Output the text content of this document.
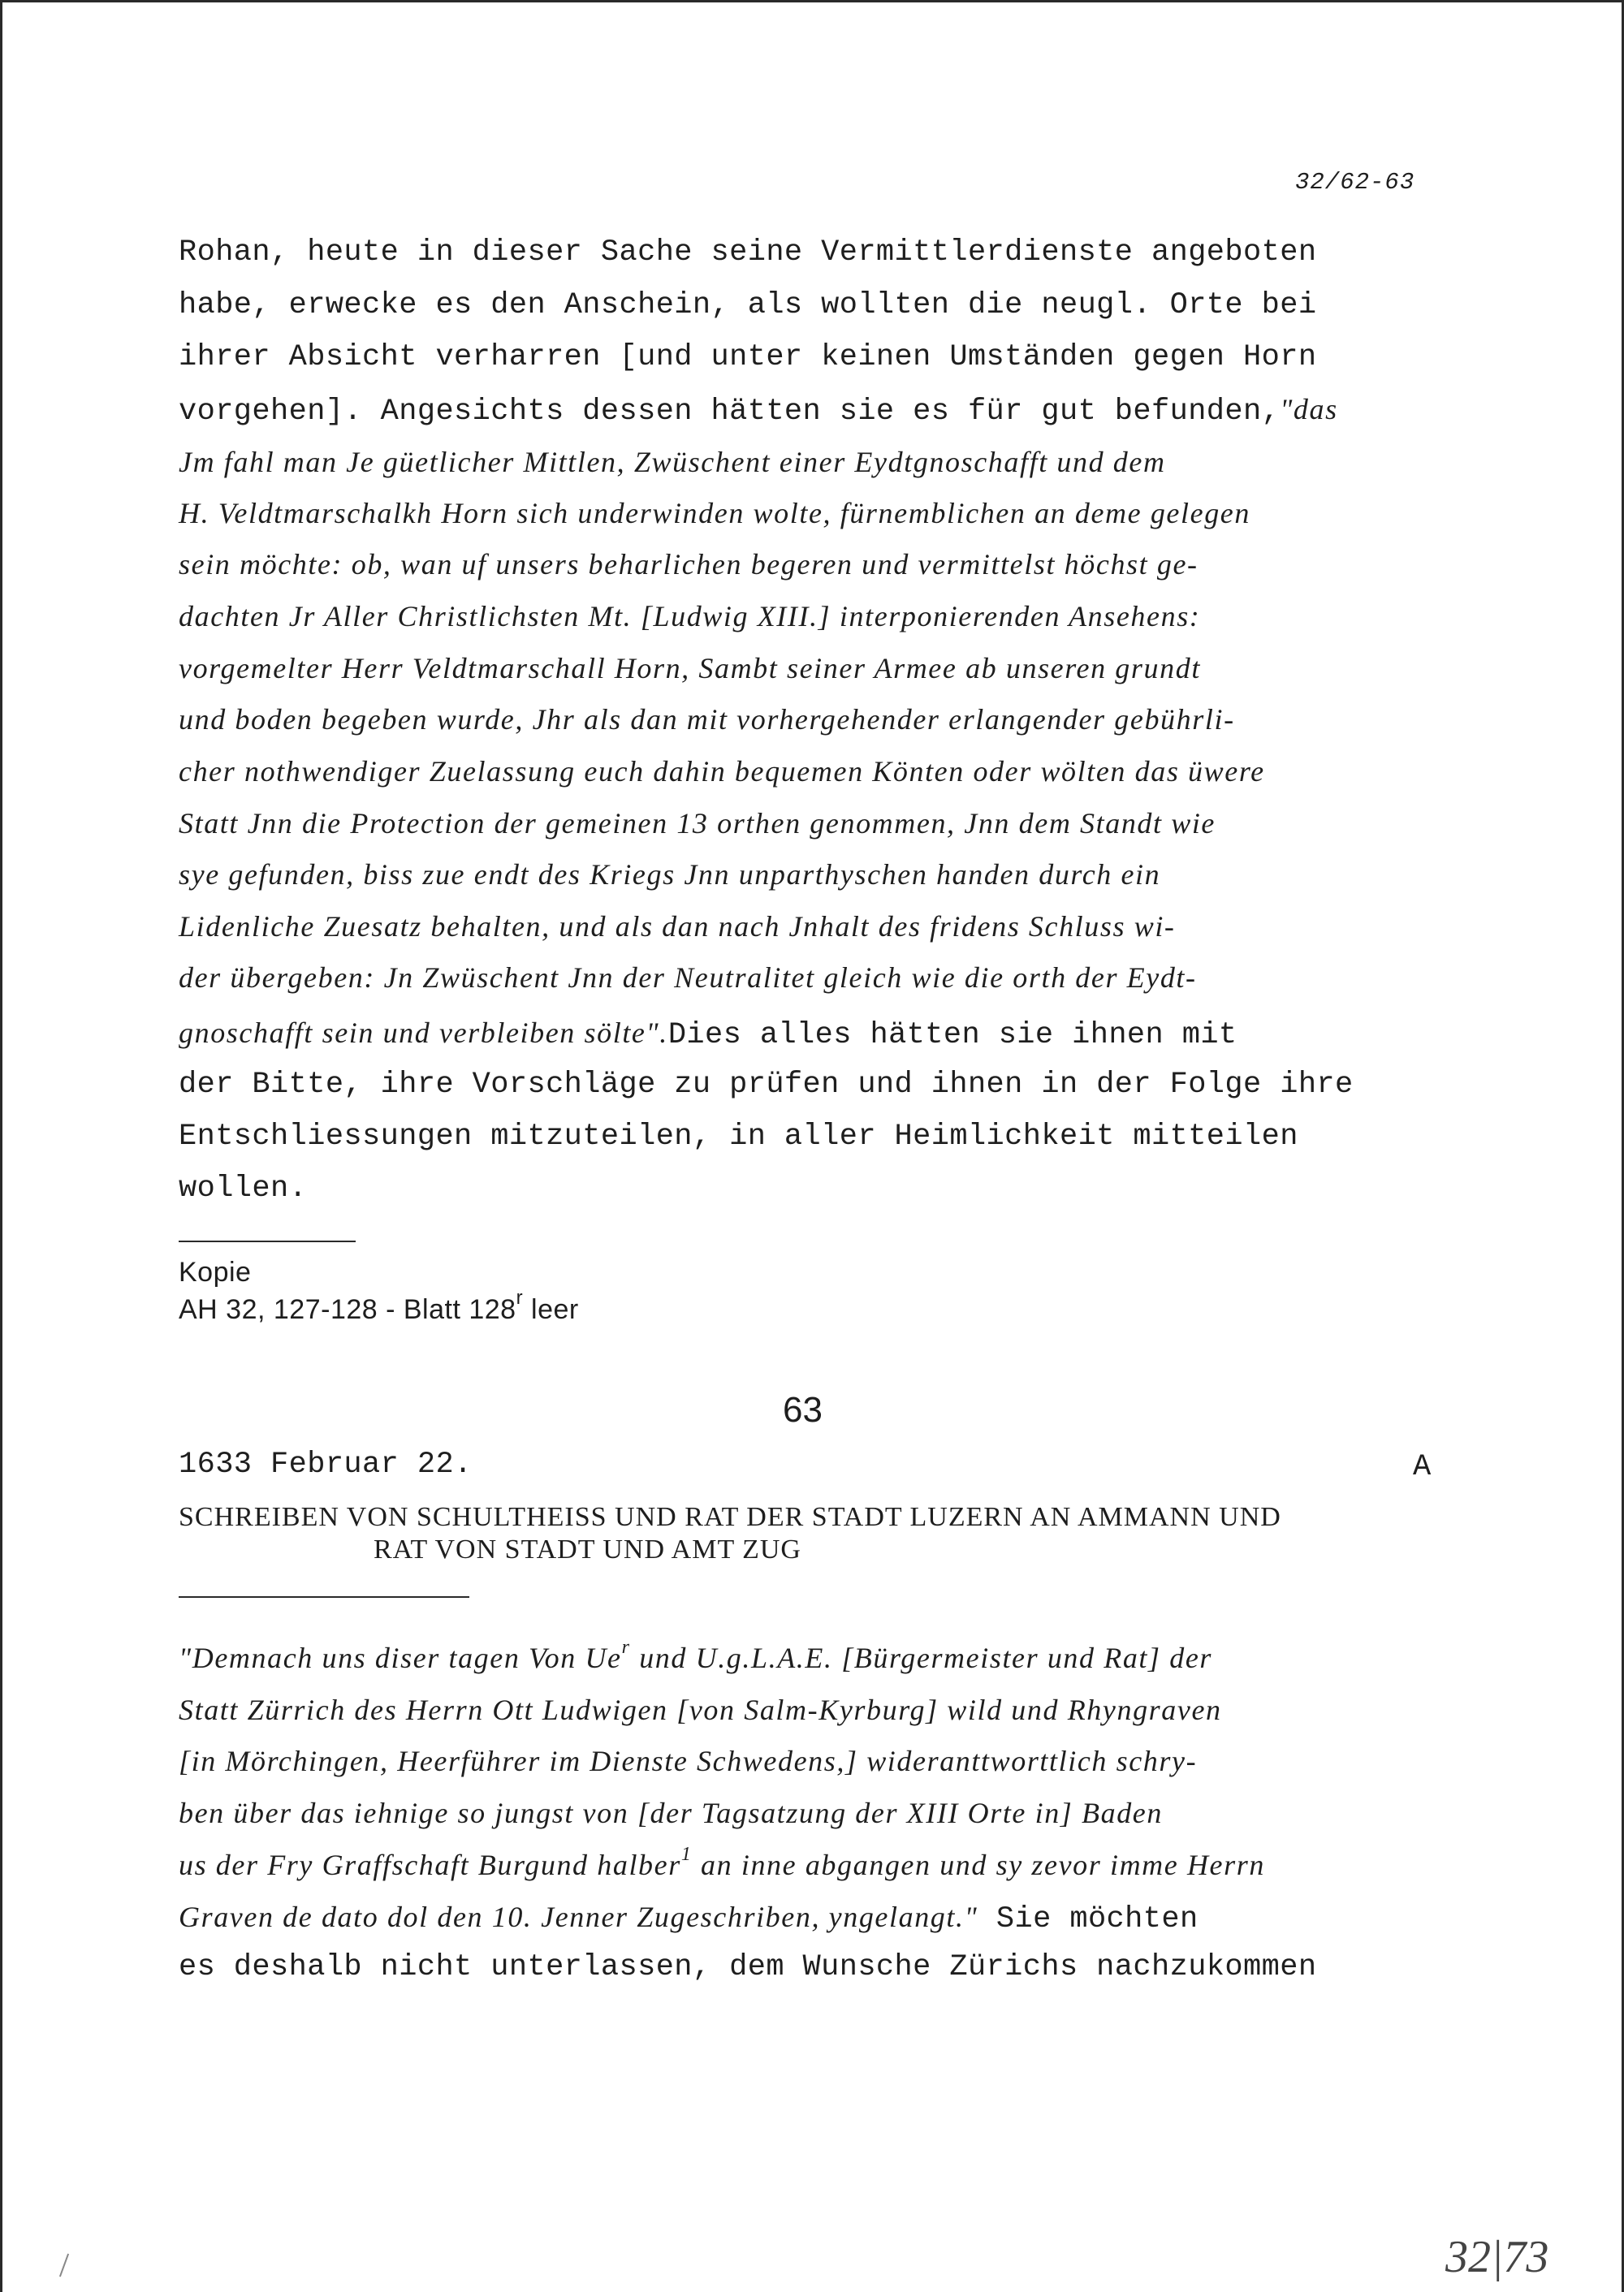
32/62-63
Rohan, heute in dieser Sache seine Vermittlerdienste angeboten
habe, erwecke es den Anschein, als wollten die neugl. Orte bei
ihrer Absicht verharren [und unter keinen Umständen gegen Horn
vorgehen]. Angesichts dessen hätten sie es für gut befunden,"das
Jm fahl man Je güetlicher Mittlen, Zwüschent einer Eydtgnoschafft und dem
H. Veldtmarschalkh Horn sich underwinden wolte, fürnemblichen an deme gelegen
sein möchte: ob, wan uf unsers beharlichen begeren und vermittelst höchst ge-
dachten Jr Aller Christlichsten Mt. [Ludwig XIII.] interponierenden Ansehens:
vorgemelter Herr Veldtmarschall Horn, Sambt seiner Armee ab unseren grundt
und boden begeben wurde, Jhr als dan mit vorhergehender erlangender gebührli-
cher nothwendiger Zuelassung euch dahin bequemen Könten oder wölten das üwere
Statt Jnn die Protection der gemeinen 13 orthen genommen, Jnn dem Standt wie
sye gefunden, biss zue endt des Kriegs Jnn unparthyschen handen durch ein
Lidenliche Zuesatz behalten, und als dan nach Jnhalt des fridens Schluss wi-
der übergeben: Jn Zwüschent Jnn der Neutralitet gleich wie die orth der Eydt-
gnoschafft sein und verbleiben sölte".Dies alles hätten sie ihnen mit
der Bitte, ihre Vorschläge zu prüfen und ihnen in der Folge ihre
Entschliessungen mitzuteilen, in aller Heimlichkeit mitteilen
wollen.
Kopie
AH 32, 127-128 - Blatt 128$^r$ leer
63
1633 Februar 22.	A
SCHREIBEN VON SCHULTHEISS UND RAT DER STADT LUZERN AN AMMANN UND
RAT VON STADT UND AMT ZUG
"Demnach uns diser tagen Von Ue$^r$ und U.g.L.A.E. [Bürgermeister und Rat] der
Statt Zürrich des Herrn Ott Ludwigen [von Salm-Kyrburg] wild und Rhyngraven
[in Mörchingen, Heerführer im Dienste Schwedens,] wideranttworttlich schry-
ben über das iehnige so jungst von [der Tagsatzung der XIII Orte in] Baden
us der Fry Graffschaft Burgund halber$^1$ an inne abgangen und sy zevor imme Herrn
Graven de dato dol den 10. Jenner Zugeschriben, yngelangt." Sie möchten
es deshalb nicht unterlassen, dem Wunsche Zürichs nachzukommen
32|73
